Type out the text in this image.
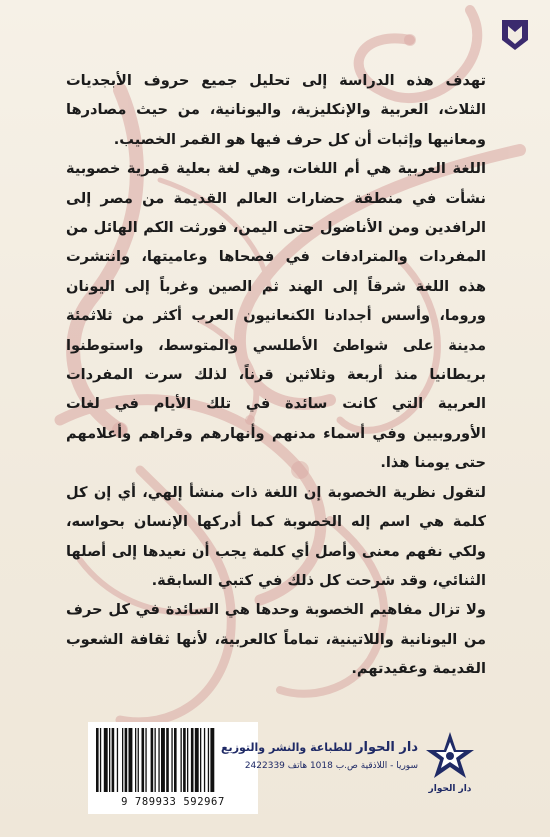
تهدف هذه الدراسة إلى تحليل جميع حروف الأبجديات الثلاث، العربية والإنكليزية، واليونانية، من حيث مصادرها ومعانيها وإثبات أن كل حرف فيها هو القمر الخصيب.

اللغة العربية هي أم اللغات، وهي لغة بعلية قمرية خصوبية نشأت في منطقة حضارات العالم القديمة من مصر إلى الرافدين ومن الأناضول حتى اليمن، فورثت الكم الهائل من المفردات والمترادفات في فصحاها وعاميتها، وانتشرت هذه اللغة شرقاً إلى الهند ثم الصين وغرباً إلى اليونان وروما، وأسس أجدادنا الكنعانيون العرب أكثر من ثلاثمئة مدينة على شواطئ الأطلسي والمتوسط، واستوطنوا بريطانيا منذ أربعة وثلاثين قرناً، لذلك سرت المفردات العربية التي كانت سائدة في تلك الأيام في لغات الأوروبيين وفي أسماء مدنهم وأنهارهم وقراهم وأعلامهم حتى يومنا هذا.

لتقول نظرية الخصوبة إن اللغة ذات منشأ إلهي، أي إن كل كلمة هي اسم إله الخصوبة كما أدركها الإنسان بحواسه، ولكي نفهم معنى وأصل أي كلمة يجب أن نعيدها إلى أصلها الثنائي، وقد شرحت كل ذلك في كتبي السابقة.

ولا تزال مفاهيم الخصوبة وحدها هي السائدة في كل حرف من اليونانية واللاتينية، تماماً كالعربية، لأنها ثقافة الشعوب القديمة وعقيدتهم.

9 789933 592967
دار الحوار للطباعة والنشر والتوزيع
سوريا - اللاذقية ص.ب 1018 هاتف 2422339
دار الحوار
